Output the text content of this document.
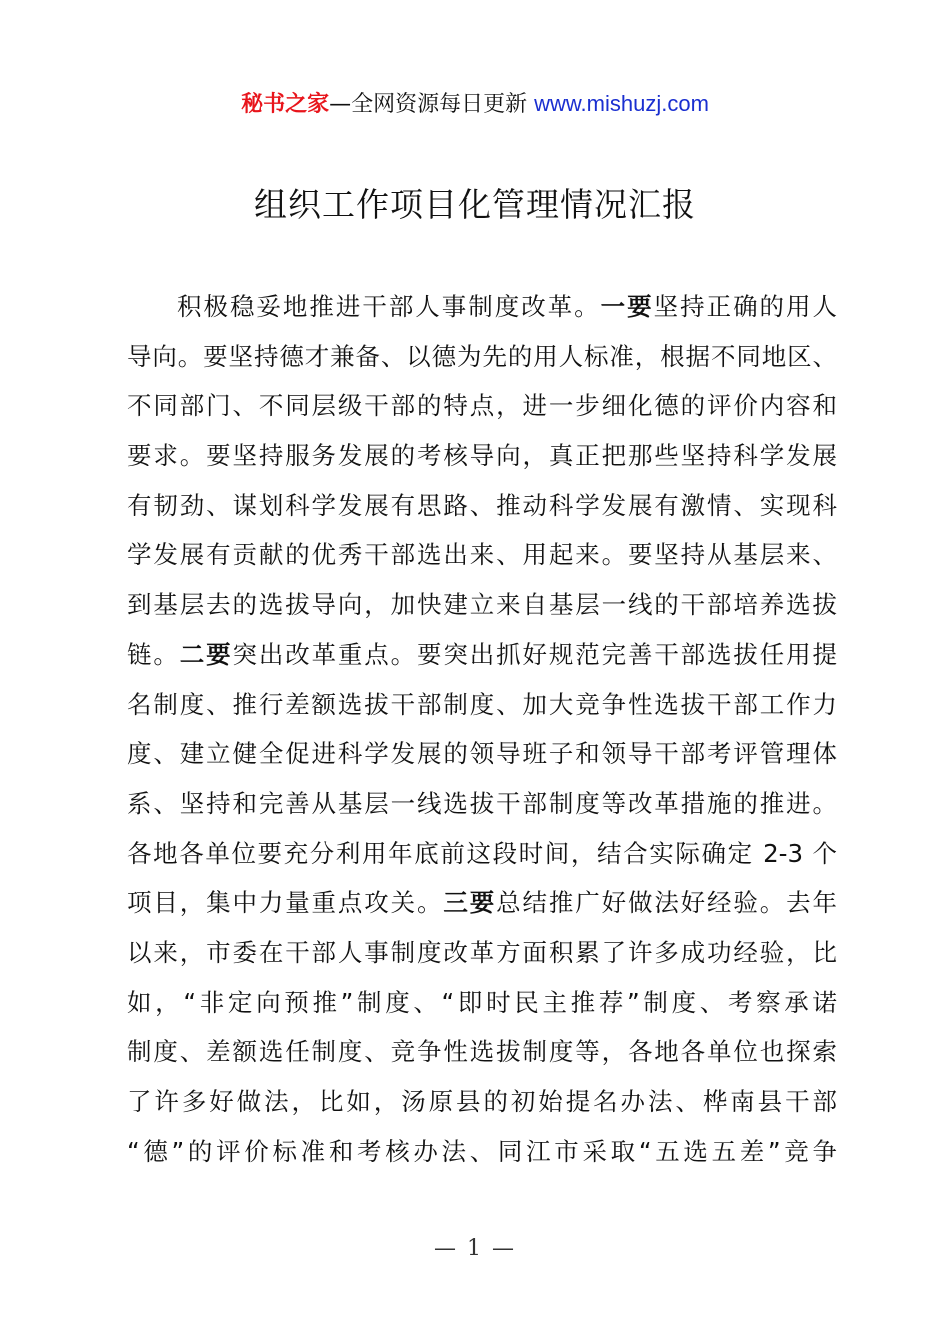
秘书之家—全网资源每日更新 www.mishuzj.com
组织工作项目化管理情况汇报
积极稳妥地推进干部人事制度改革。一要坚持正确的用人
导向。要坚持德才兼备、以德为先的用人标准，根据不同地区、
不同部门、不同层级干部的特点，进一步细化德的评价内容和
要求。要坚持服务发展的考核导向，真正把那些坚持科学发展
有韧劲、谋划科学发展有思路、推动科学发展有激情、实现科
学发展有贡献的优秀干部选出来、用起来。要坚持从基层来、
到基层去的选拔导向，加快建立来自基层一线的干部培养选拔
链。二要突出改革重点。要突出抓好规范完善干部选拔任用提
名制度、推行差额选拔干部制度、加大竞争性选拔干部工作力
度、建立健全促进科学发展的领导班子和领导干部考评管理体
系、坚持和完善从基层一线选拔干部制度等改革措施的推进。
各地各单位要充分利用年底前这段时间，结合实际确定 2-3 个
项目，集中力量重点攻关。三要总结推广好做法好经验。去年
以来，市委在干部人事制度改革方面积累了许多成功经验，比
如，“非定向预推”制度、“即时民主推荐”制度、考察承诺
制度、差额选任制度、竞争性选拔制度等，各地各单位也探索
了许多好做法，比如，汤原县的初始提名办法、桦南县干部
“德”的评价标准和考核办法、同江市采取“五选五差”竞争
— 1 —
